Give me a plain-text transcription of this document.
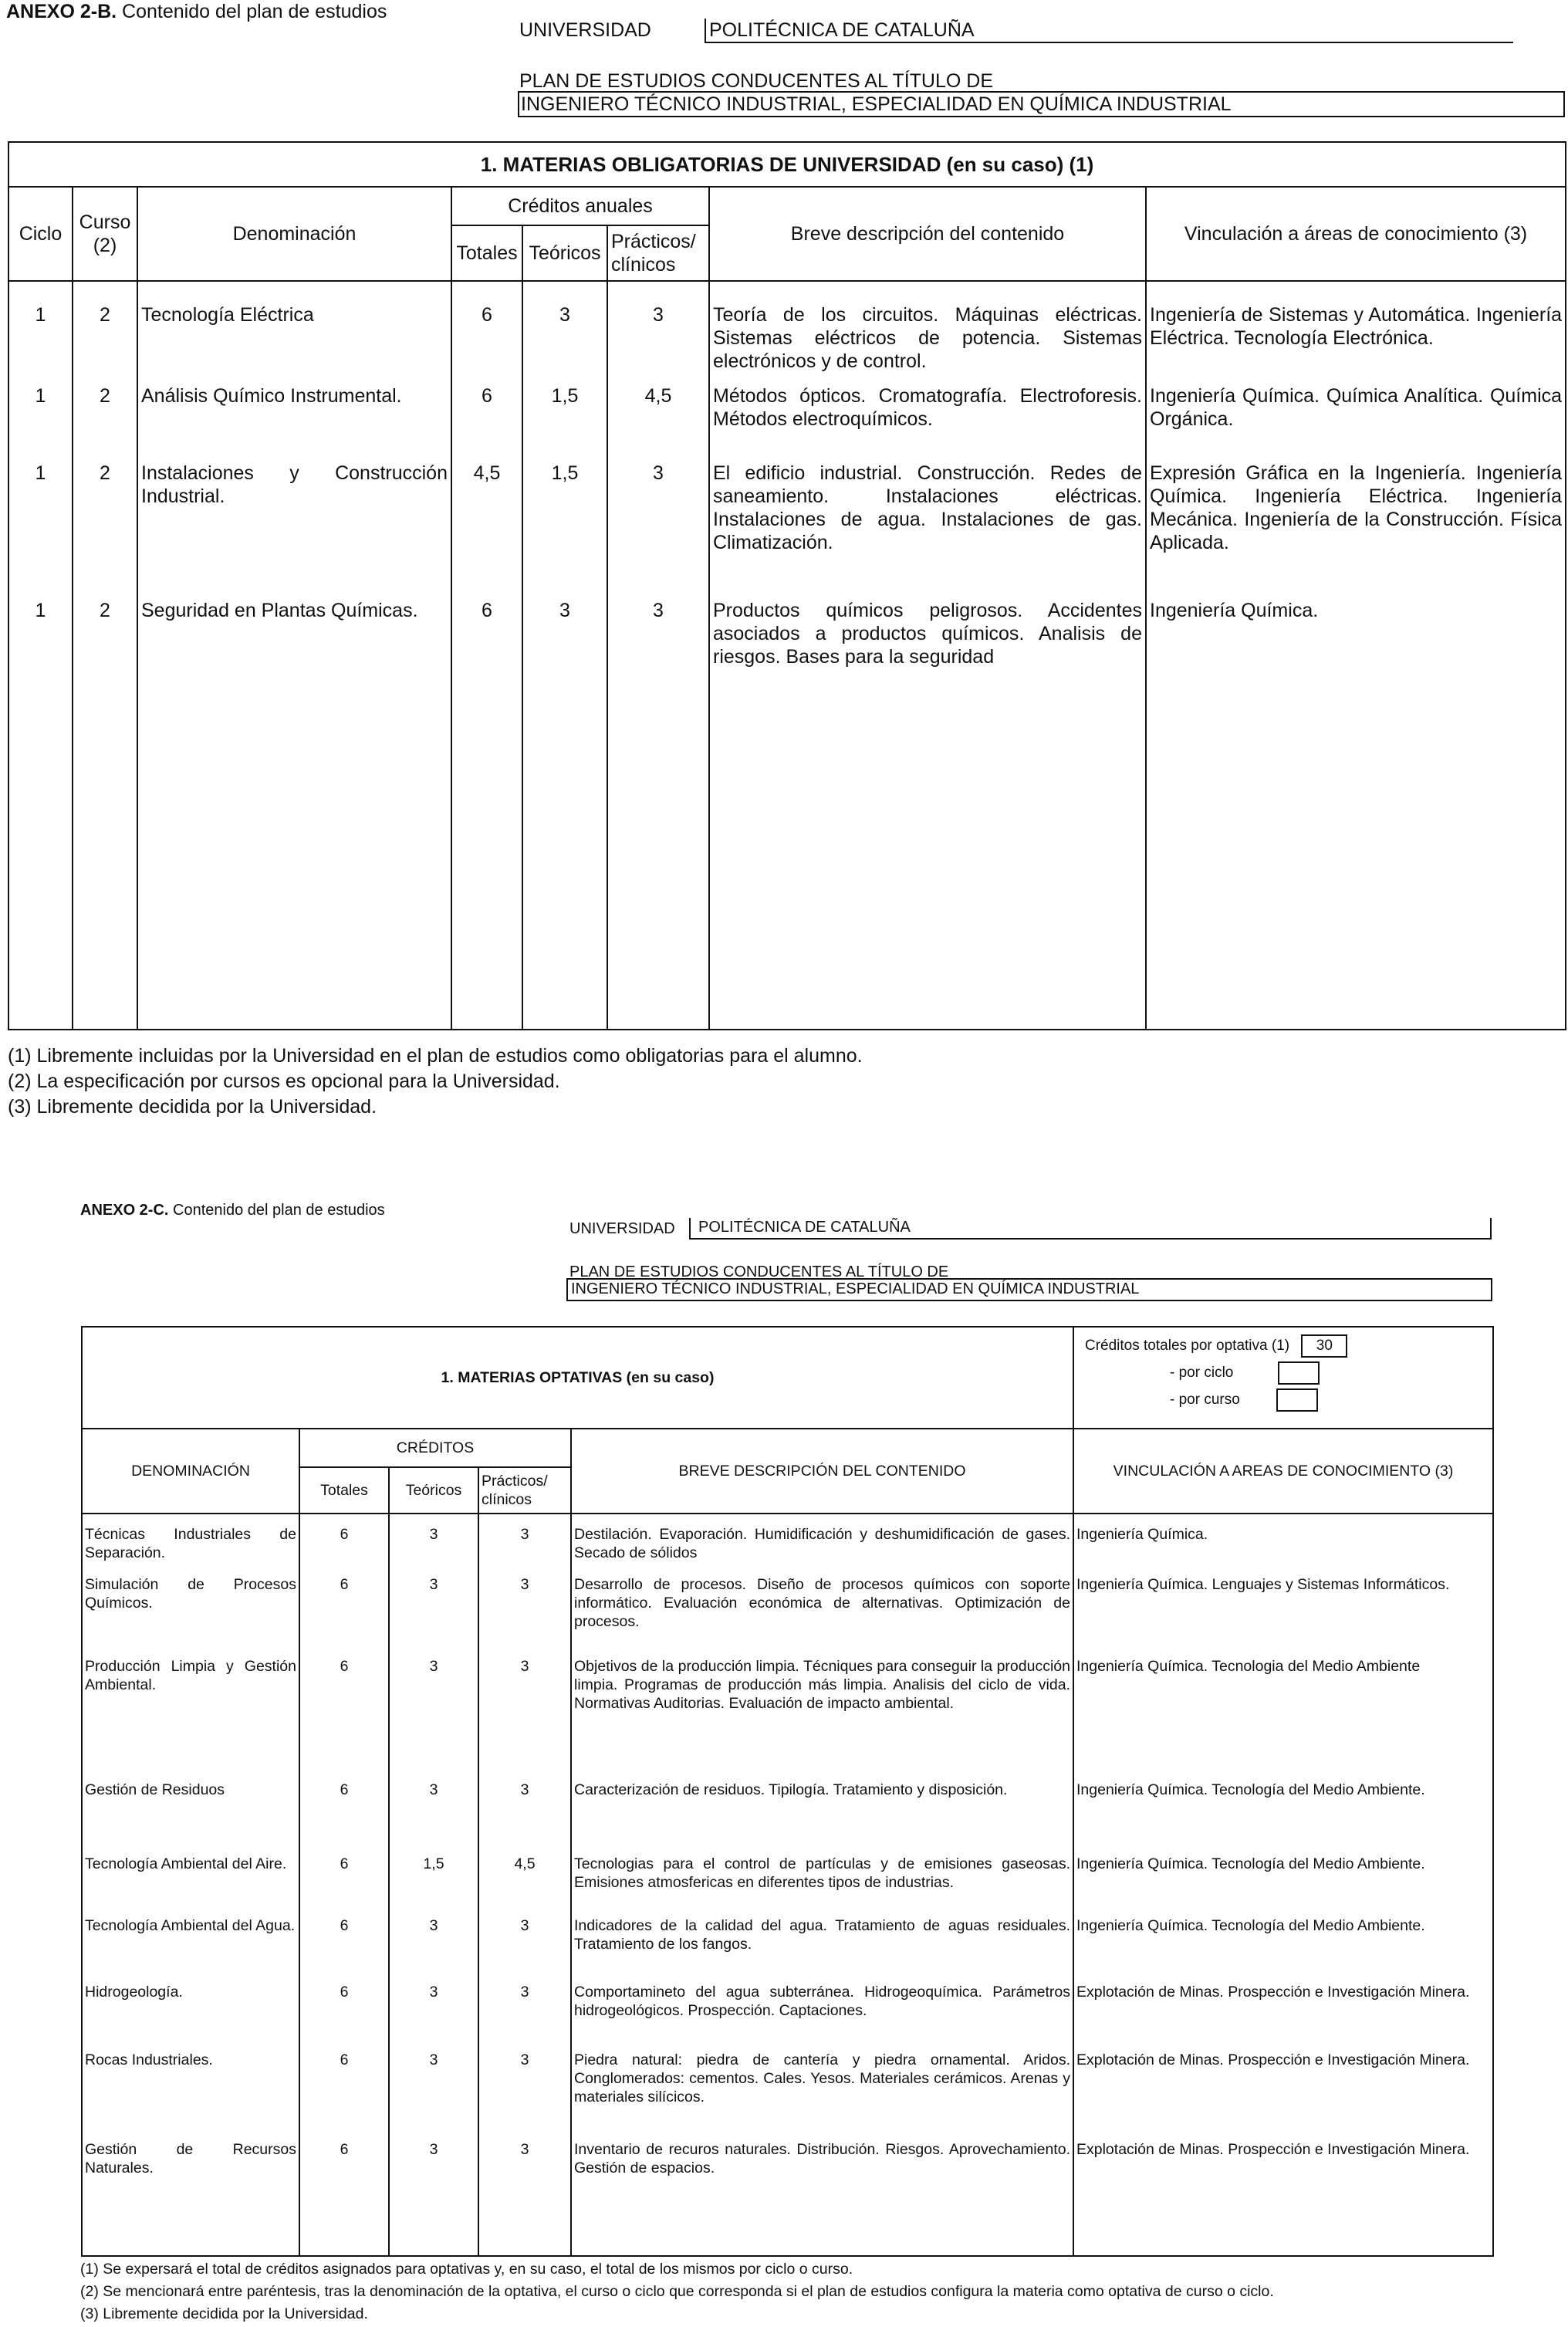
ANEXO 2-B. Contenido del plan de estudios
UNIVERSIDAD	POLITÉCNICA DE CATALUÑA
PLAN DE ESTUDIOS CONDUCENTES AL TÍTULO DE
INGENIERO TÉCNICO INDUSTRIAL, ESPECIALIDAD EN QUÍMICA INDUSTRIAL
1. MATERIAS OBLIGATORIAS DE UNIVERSIDAD (en su caso) (1)							
Ciclo	Curso (2)	Denominación	Créditos anuales			Breve descripción del contenido	Vinculación a áreas de conocimiento (3)
			Totales	Teóricos	Prácticos/ clínicos		
1	2	Tecnología Eléctrica	6	3	3	Teoría de los circuitos. Máquinas eléctricas. Sistemas eléctricos de potencia. Sistemas electrónicos y de control.	Ingeniería de Sistemas y Automática. Ingeniería Eléctrica. Tecnología Electrónica.
1	2	Análisis Químico Instrumental.	6	1,5	4,5	Métodos ópticos. Cromatografía. Electroforesis. Métodos electroquímicos.	Ingeniería Química. Química Analítica. Química Orgánica.
1	2	Instalaciones y Construcción Industrial.	4,5	1,5	3	El edificio industrial. Construcción. Redes de saneamiento. Instalaciones eléctricas. Instalaciones de agua. Instalaciones de gas. Climatización.	Expresión Gráfica en la Ingeniería. Ingeniería Química. Ingeniería Eléctrica. Ingeniería Mecánica. Ingeniería de la Construcción. Física Aplicada.
1	2	Seguridad en Plantas Químicas.	6	3	3	Productos químicos peligrosos. Accidentes asociados a productos químicos. Analisis de riesgos. Bases para la seguridad	Ingeniería Química.
(1) Libremente incluidas por la Universidad en el plan de estudios como obligatorias para el alumno.
(2) La especificación por cursos es opcional para la Universidad.
(3) Libremente decidida por la Universidad.
ANEXO 2-C. Contenido del plan de estudios
UNIVERSIDAD	POLITÉCNICA DE CATALUÑA
PLAN DE ESTUDIOS CONDUCENTES AL TÍTULO DE
INGENIERO TÉCNICO INDUSTRIAL, ESPECIALIDAD EN QUÍMICA INDUSTRIAL
1. MATERIAS OPTATIVAS (en su caso)					Créditos totales por optativa (1) 30
- por ciclo
- por curso

DENOMINACIÓN	CRÉDITOS			BREVE DESCRIPCIÓN DEL CONTENIDO	VINCULACIÓN A AREAS DE CONOCIMIENTO (3)
	Totales	Teóricos	Prácticos/ clínicos		
Técnicas Industriales de Separación.	6	3	3	Destilación. Evaporación. Humidificación y deshumidificación de gases. Secado de sólidos	Ingeniería Química.
Simulación de Procesos Químicos.	6	3	3	Desarrollo de procesos. Diseño de procesos químicos con soporte informático. Evaluación económica de alternativas. Optimización de procesos.	Ingeniería Química. Lenguajes y Sistemas Informáticos.
Producción Limpia y Gestión Ambiental.	6	3	3	Objetivos de la producción limpia. Técniques para conseguir la producción limpia. Programas de producción más limpia. Analisis del ciclo de vida. Normativas Auditorias. Evaluación de impacto ambiental.	Ingeniería Química. Tecnologia del Medio Ambiente
Gestión de Residuos	6	3	3	Caracterización de residuos. Tipilogía. Tratamiento y disposición.	Ingeniería Química. Tecnología del Medio Ambiente.
Tecnología Ambiental del Aire.	6	1,5	4,5	Tecnologias para el control de partículas y de emisiones gaseosas. Emisiones atmosfericas en diferentes tipos de industrias.	Ingeniería Química. Tecnología del Medio Ambiente.
Tecnología Ambiental del Agua.	6	3	3	Indicadores de la calidad del agua. Tratamiento de aguas residuales. Tratamiento de los fangos.	Ingeniería Química. Tecnología del Medio Ambiente.
Hidrogeología.	6	3	3	Comportamineto del agua subterránea. Hidrogeoquímica. Parámetros hidrogeológicos. Prospección. Captaciones.	Explotación de Minas. Prospección e Investigación Minera.
Rocas Industriales.	6	3	3	Piedra natural: piedra de cantería y piedra ornamental. Aridos. Conglomerados: cementos. Cales. Yesos. Materiales cerámicos. Arenas y materiales silícicos.	Explotación de Minas. Prospección e Investigación Minera.
Gestión de Recursos Naturales.	6	3	3	Inventario de recuros naturales. Distribución. Riesgos. Aprovechamiento. Gestión de espacios.	Explotación de Minas. Prospección e Investigación Minera.
(1) Se expersará el total de créditos asignados para optativas y, en su caso, el total de los mismos por ciclo o curso.
(2) Se mencionará entre paréntesis, tras la denominación de la optativa, el curso o ciclo que corresponda si el plan de estudios configura la materia como optativa de curso o ciclo.
(3) Libremente decidida por la Universidad.
